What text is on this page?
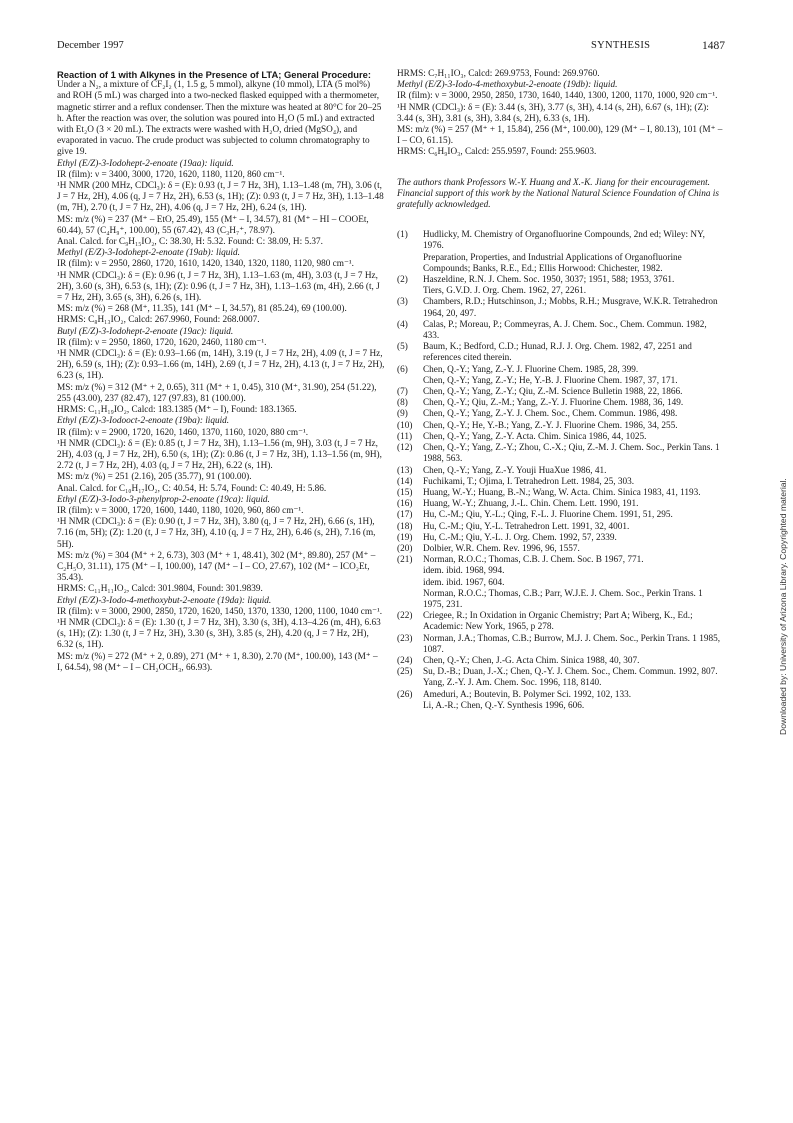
December 1997	SYNTHESIS	1487

Reaction of 1 with Alkynes in the Presence of LTA; General Procedure:

Under a N₂, a mixture of CF₂I₂ (1, 1.5 g, 5 mmol), alkyne (10 mmol), LTA (5 mol%) and ROH (5 mL) was charged into a two-necked flasked equipped with a thermometer, magnetic stirrer and a reflux condenser. Then the mixture was heated at 80°C for 20–25 h. After the reaction was over, the solution was poured into H₂O (5 mL) and extracted with Et₂O (3 × 20 mL). The extracts were washed with H₂O, dried (MgSO₄), and evaporated in vacuo. The crude product was subjected to column chromatography to give 19.

Ethyl (E/Z)-3-Iodohept-2-enoate (19aa): liquid.

IR (film): ν = 3400, 3000, 1720, 1620, 1180, 1120, 860 cm⁻¹.

¹H NMR (200 MHz, CDCl₃): δ = (E): 0.93 (t, J = 7 Hz, 3H), 1.13–1.48 (m, 7H), 3.06 (t, J = 7 Hz, 2H), 4.06 (q, J = 7 Hz, 2H), 6.53 (s, 1H); (Z): 0.93 (t, J = 7 Hz, 3H), 1.13–1.48 (m, 7H), 2.70 (t, J = 7 Hz, 2H), 4.06 (q, J = 7 Hz, 2H), 6.24 (s, 1H).

MS: m/z (%) = 237 (M⁺ – EtO, 25.49), 155 (M⁺ – I, 34.57), 81 (M⁺ – HI – COOEt, 60.44), 57 (C₄H₉⁺, 100.00), 55 (67.42), 43 (C₃H₇⁺, 78.97).

Anal. Calcd. for C₉H₁₅IO₂, C: 38.30, H: 5.32. Found: C: 38.09, H: 5.37.

Methyl (E/Z)-3-Iodohept-2-enoate (19ab): liquid.

IR (film): ν = 2950, 2860, 1720, 1610, 1420, 1340, 1320, 1180, 1120, 980 cm⁻¹.

¹H NMR (CDCl₃): δ = (E): 0.96 (t, J = 7 Hz, 3H), 1.13–1.63 (m, 4H), 3.03 (t, J = 7 Hz, 2H), 3.60 (s, 3H), 6.53 (s, 1H); (Z): 0.96 (t, J = 7 Hz, 3H), 1.13–1.63 (m, 4H), 2.66 (t, J = 7 Hz, 2H), 3.65 (s, 3H), 6.26 (s, 1H).

MS: m/z (%) = 268 (M⁺, 11.35), 141 (M⁺ – I, 34.57), 81 (85.24), 69 (100.00).

HRMS: C₈H₁₃IO₂, Calcd: 267.9960, Found: 268.0007.

Butyl (E/Z)-3-Iodohept-2-enoate (19ac): liquid.

IR (film): ν = 2950, 1860, 1720, 1620, 2460, 1180 cm⁻¹.

¹H NMR (CDCl₃): δ = (E): 0.93–1.66 (m, 14H), 3.19 (t, J = 7 Hz, 2H), 4.09 (t, J = 7 Hz, 2H), 6.59 (s, 1H); (Z): 0.93–1.66 (m, 14H), 2.69 (t, J = 7 Hz, 2H), 4.13 (t, J = 7 Hz, 2H), 6.23 (s, 1H).

MS: m/z (%) = 312 (M⁺ + 2, 0.65), 311 (M⁺ + 1, 0.45), 310 (M⁺, 31.90), 254 (51.22), 255 (43.00), 237 (82.47), 127 (97.83), 81 (100.00).

HRMS: C₁₁H₁₉IO₂, Calcd: 183.1385 (M⁺ – I), Found: 183.1365.

Ethyl (E/Z)-3-Iodooct-2-enoate (19ba): liquid.

IR (film): ν = 2900, 1720, 1620, 1460, 1370, 1160, 1020, 880 cm⁻¹.

¹H NMR (CDCl₃): δ = (E): 0.85 (t, J = 7 Hz, 3H), 1.13–1.56 (m, 9H), 3.03 (t, J = 7 Hz, 2H), 4.03 (q, J = 7 Hz, 2H), 6.50 (s, 1H); (Z): 0.86 (t, J = 7 Hz, 3H), 1.13–1.56 (m, 9H), 2.72 (t, J = 7 Hz, 2H), 4.03 (q, J = 7 Hz, 2H), 6.22 (s, 1H).

MS: m/z (%) = 251 (2.16), 205 (35.77), 91 (100.00).

Anal. Calcd. for C₁₀H₁₇IO₂, C: 40.54, H: 5.74, Found: C: 40.49, H: 5.86.

Ethyl (E/Z)-3-Iodo-3-phenylprop-2-enoate (19ca): liquid.

IR (film): ν = 3000, 1720, 1600, 1440, 1180, 1020, 960, 860 cm⁻¹.

¹H NMR (CDCl₃): δ = (E): 0.90 (t, J = 7 Hz, 3H), 3.80 (q, J = 7 Hz, 2H), 6.66 (s, 1H), 7.16 (m, 5H); (Z): 1.20 (t, J = 7 Hz, 3H), 4.10 (q, J = 7 Hz, 2H), 6.46 (s, 2H), 7.16 (m, 5H).

MS: m/z (%) = 304 (M⁺ + 2, 6.73), 303 (M⁺ + 1, 48.41), 302 (M⁺, 89.80), 257 (M⁺ – C₂H₅O, 31.11), 175 (M⁺ – I, 100.00), 147 (M⁺ – I – CO, 27.67), 102 (M⁺ – ICO₂Et, 35.43).

HRMS: C₁₁H₁₁IO₂, Calcd: 301.9804, Found: 301.9839.

Ethyl (E/Z)-3-Iodo-4-methoxybut-2-enoate (19da): liquid.

IR (film): ν = 3000, 2900, 2850, 1720, 1620, 1450, 1370, 1330, 1200, 1100, 1040 cm⁻¹.

¹H NMR (CDCl₃): δ = (E): 1.30 (t, J = 7 Hz, 3H), 3.30 (s, 3H), 4.13–4.26 (m, 4H), 6.63 (s, 1H); (Z): 1.30 (t, J = 7 Hz, 3H), 3.30 (s, 3H), 3.85 (s, 2H), 4.20 (q, J = 7 Hz, 2H), 6.32 (s, 1H).

MS: m/z (%) = 272 (M⁺ + 2, 0.89), 271 (M⁺ + 1, 8.30), 2.70 (M⁺, 100.00), 143 (M⁺ – I, 64.54), 98 (M⁺ – I – CH₂OCH₃, 66.93).

HRMS: C₇H₁₁IO₃, Calcd: 269.9753, Found: 269.9760.

Methyl (E/Z)-3-Iodo-4-methoxybut-2-enoate (19db): liquid.

IR (film): ν = 3000, 2950, 2850, 1730, 1640, 1440, 1300, 1200, 1170, 1000, 920 cm⁻¹.

¹H NMR (CDCl₃): δ = (E): 3.44 (s, 3H), 3.77 (s, 3H), 4.14 (s, 2H), 6.67 (s, 1H); (Z): 3.44 (s, 3H), 3.81 (s, 3H), 3.84 (s, 2H), 6.33 (s, 1H).

MS: m/z (%) = 257 (M⁺ + 1, 15.84), 256 (M⁺, 100.00), 129 (M⁺ – I, 80.13), 101 (M⁺ – I – CO, 61.15).

HRMS: C₆H₉IO₃, Calcd: 255.9597, Found: 255.9603.

The authors thank Professors W.-Y. Huang and X.-K. Jiang for their encouragement. Financial support of this work by the National Natural Science Foundation of China is gratefully acknowledged.

(1)	Hudlicky, M. Chemistry of Organofluorine Compounds, 2nd ed; Wiley: NY, 1976.
Preparation, Properties, and Industrial Applications of Organofluorine Compounds; Banks, R.E., Ed.; Ellis Horwood: Chichester, 1982.
(2)	Haszeldine, R.N. J. Chem. Soc. 1950, 3037; 1951, 588; 1953, 3761.
Tiers, G.V.D. J. Org. Chem. 1962, 27, 2261.
(3)	Chambers, R.D.; Hutschinson, J.; Mobbs, R.H.; Musgrave, W.K.R. Tetrahedron 1964, 20, 497.
(4)	Calas, P.; Moreau, P.; Commeyras, A. J. Chem. Soc., Chem. Commun. 1982, 433.
(5)	Baum, K.; Bedford, C.D.; Hunad, R.J. J. Org. Chem. 1982, 47, 2251 and references cited therein.
(6)	Chen, Q.-Y.; Yang, Z.-Y. J. Fluorine Chem. 1985, 28, 399.
Chen, Q.-Y.; Yang, Z.-Y.; He, Y.-B. J. Fluorine Chem. 1987, 37, 171.
(7)	Chen, Q.-Y.; Yang, Z.-Y.; Qiu, Z.-M. Science Bulletin 1988, 22, 1866.
(8)	Chen, Q.-Y.; Qiu, Z.-M.; Yang, Z.-Y. J. Fluorine Chem. 1988, 36, 149.
(9)	Chen, Q.-Y.; Yang, Z.-Y. J. Chem. Soc., Chem. Commun. 1986, 498.
(10)	Chen, Q.-Y.; He, Y.-B.; Yang, Z.-Y. J. Fluorine Chem. 1986, 34, 255.
(11)	Chen, Q.-Y.; Yang, Z.-Y. Acta. Chim. Sinica 1986, 44, 1025.
(12)	Chen, Q.-Y.; Yang, Z.-Y.; Zhou, C.-X.; Qiu, Z.-M. J. Chem. Soc., Perkin Tans. 1 1988, 563.
(13)	Chen, Q.-Y.; Yang, Z.-Y. Youji HuaXue 1986, 41.
(14)	Fuchikami, T.; Ojima, I. Tetrahedron Lett. 1984, 25, 303.
(15)	Huang, W.-Y.; Huang, B.-N.; Wang, W. Acta. Chim. Sinica 1983, 41, 1193.
(16)	Huang, W.-Y.; Zhuang, J.-L. Chin. Chem. Lett. 1990, 191.
(17)	Hu, C.-M.; Qiu, Y.-L.; Qing, F.-L. J. Fluorine Chem. 1991, 51, 295.
(18)	Hu, C.-M.; Qiu, Y.-L. Tetrahedron Lett. 1991, 32, 4001.
(19)	Hu, C.-M.; Qiu, Y.-L. J. Org. Chem. 1992, 57, 2339.
(20)	Dolbier, W.R. Chem. Rev. 1996, 96, 1557.
(21)	Norman, R.O.C.; Thomas, C.B. J. Chem. Soc. B 1967, 771.
idem. ibid. 1968, 994.
idem. ibid. 1967, 604.
Norman, R.O.C.; Thomas, C.B.; Parr, W.J.E. J. Chem. Soc., Perkin Trans. 1 1975, 231.
(22)	Criegee, R.; In Oxidation in Organic Chemistry; Part A; Wiberg, K., Ed.; Academic: New York, 1965, p 278.
(23)	Norman, J.A.; Thomas, C.B.; Burrow, M.J. J. Chem. Soc., Perkin Trans. 1 1985, 1087.
(24)	Chen, Q.-Y.; Chen, J.-G. Acta Chim. Sinica 1988, 40, 307.
(25)	Su, D.-B.; Duan, J.-X.; Chen, Q.-Y. J. Chem. Soc., Chem. Commun. 1992, 807.
Yang, Z.-Y. J. Am. Chem. Soc. 1996, 118, 8140.
(26)	Ameduri, A.; Boutevin, B. Polymer Sci. 1992, 102, 133.
Li, A.-R.; Chen, Q.-Y. Synthesis 1996, 606.	Downloaded by: University of Arizona Library. Copyrighted material.
